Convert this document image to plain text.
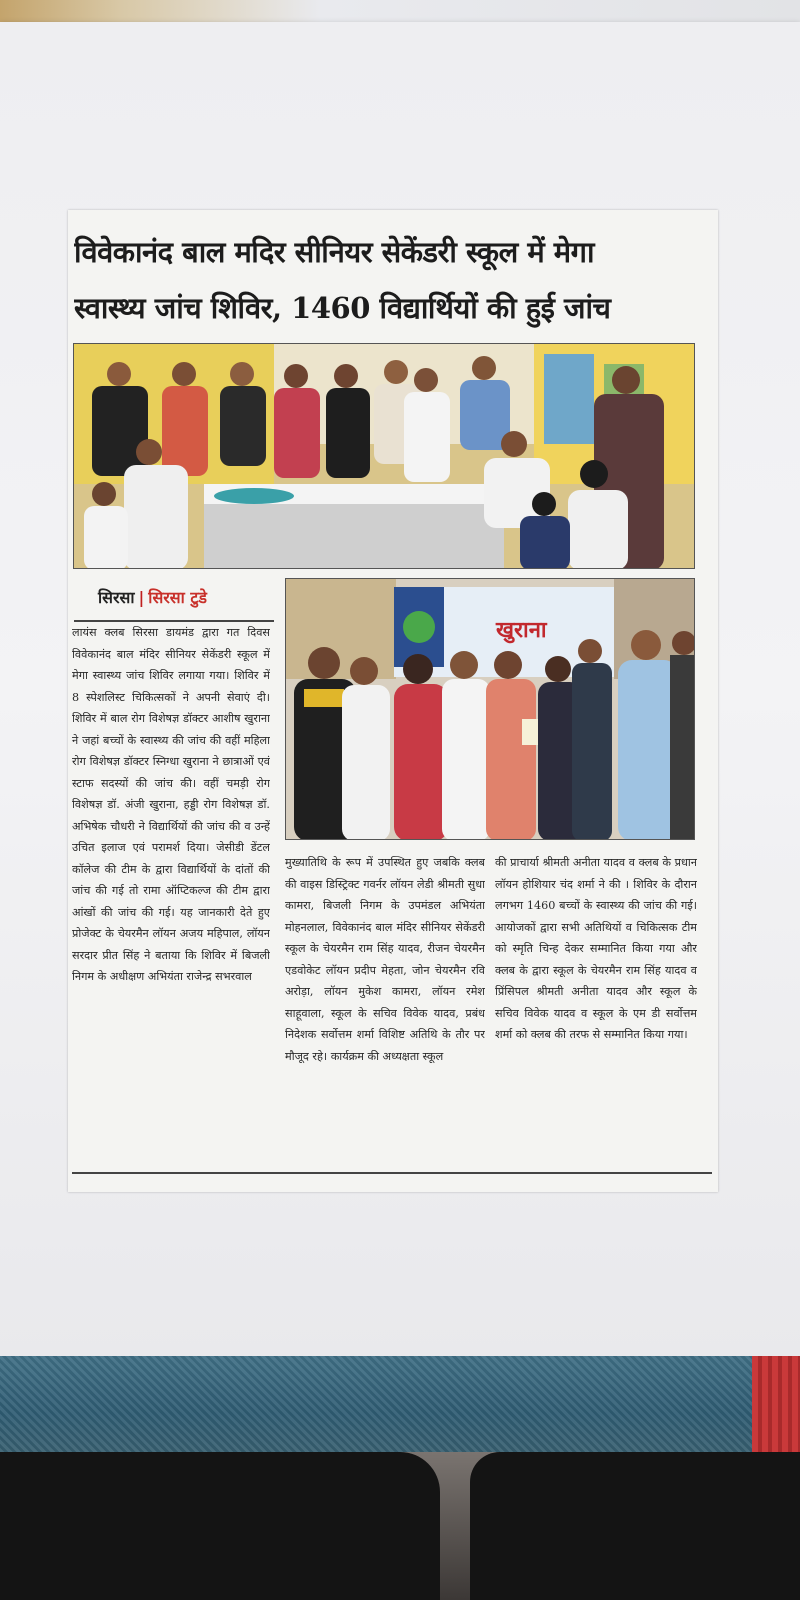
विवेकानंद बाल मदिर सीनियर सेकेंडरी स्कूल में मेगा
स्वास्थ्य जांच शिविर, 1460 विद्यार्थियों की हुई जांच
सिरसा | सिरसा टुडे
खुराना
लायंस क्लब सिरसा डायमंड द्वारा गत दिवस विवेकानंद बाल मंदिर सीनियर सेकेंडरी स्कूल में मेगा स्वास्थ्य जांच शिविर लगाया गया। शिविर में 8 स्पेशलिस्ट चिकित्सकों ने अपनी सेवाएं दी। शिविर में बाल रोग विशेषज्ञ डॉक्टर आशीष खुराना ने जहां बच्चों के स्वास्थ्य की जांच की वहीं महिला रोग विशेषज्ञ डॉक्टर स्निग्धा खुराना ने छात्राओं एवं स्टाफ सदस्यों की जांच की। वहीं चमड़ी रोग विशेषज्ञ डॉ. अंजी खुराना, हड्डी रोग विशेषज्ञ डॉ. अभिषेक चौधरी ने विद्यार्थियों की जांच की व उन्हें उचित इलाज एवं परामर्श दिया। जेसीडी डेंटल कॉलेज की टीम के द्वारा विद्यार्थियों के दांतों की जांच की गई तो रामा ऑप्टिकल्ज की टीम द्वारा आंखों की जांच की गई। यह जानकारी देते हुए प्रोजेक्ट के चेयरमैन लॉयन अजय महिपाल, लॉयन सरदार प्रीत सिंह ने बताया कि शिविर में बिजली निगम के अधीक्षण अभियंता राजेन्द्र सभरवाल
मुख्यातिथि के रूप में उपस्थित हुए जबकि क्लब की वाइस डिस्ट्रिक्ट गवर्नर लॉयन लेडी श्रीमती सुधा कामरा, बिजली निगम के उपमंडल अभियंता मोहनलाल, विवेकानंद बाल मंदिर सीनियर सेकेंडरी स्कूल के चेयरमैन राम सिंह यादव, रीजन चेयरमैन एडवोकेट लॉयन प्रदीप मेहता, जोन चेयरमैन रवि अरोड़ा, लॉयन मुकेश कामरा, लॉयन रमेश साहूवाला, स्कूल के सचिव विवेक यादव, प्रबंध निदेशक सर्वोत्तम शर्मा विशिष्ट अतिथि के तौर पर मौजूद रहे। कार्यक्रम की अध्यक्षता स्कूल
की प्राचार्या श्रीमती अनीता यादव व क्लब के प्रधान लॉयन होशियार चंद शर्मा ने की । शिविर के दौरान लगभग 1460 बच्चों के स्वास्थ्य की जांच की गई। आयोजकों द्वारा सभी अतिथियों व चिकित्सक टीम को स्मृति चिन्ह देकर सम्मानित किया गया और क्लब के द्वारा स्कूल के चेयरमैन राम सिंह यादव व प्रिंसिपल श्रीमती अनीता यादव और स्कूल के सचिव विवेक यादव व स्कूल के एम डी सर्वोत्तम शर्मा को क्लब की तरफ से सम्मानित किया गया।
